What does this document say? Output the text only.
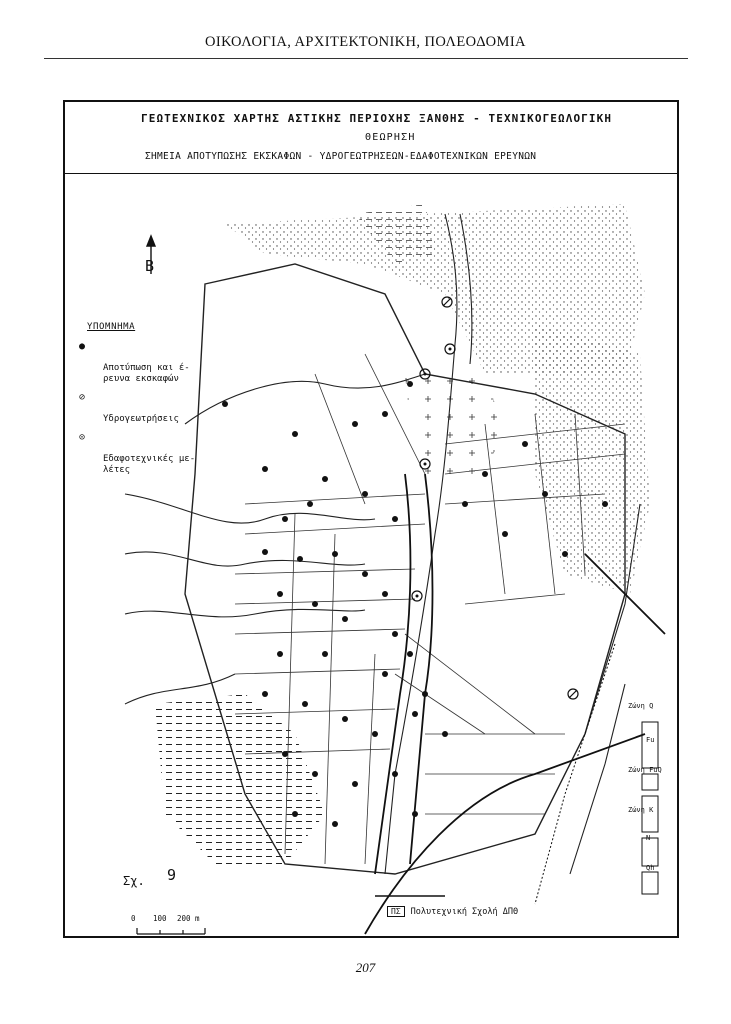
ΟΙΚΟΛΟΓΙΑ, ΑΡΧΙΤΕΚΤΟΝΙΚΗ, ΠΟΛΕΟΔΟΜΙΑ
ΓΕΩΤΕΧΝΙΚΟΣ ΧΑΡΤΗΣ ΑΣΤΙΚΗΣ ΠΕΡΙΟΧΗΣ ΞΑΝΘΗΣ - ΤΕΧΝΙΚΟΓΕΩΛΟΓΙΚΗ
ΘΕΩΡΗΣΗ
ΣΗΜΕΙΑ ΑΠΟΤΥΠΩΣΗΣ ΕΚΣΚΑΦΩΝ - ΥΔΡΟΓΕΩΤΡΗΣΕΩΝ-ΕΔΑΦΟΤΕΧΝΙΚΩΝ ΕΡΕΥΝΩΝ
Β
ΥΠΟΜΝΗΜΑ

●

Αποτύπωση και έ-
ρευνα εκσκαφών

⊘

Υδρογεωτρήσεις

⊙

Εδαφοτεχνικές με-
λέτες

Σχ. 9
0 100 200 m
ΠΣ Πολυτεχνική Σχολή ΔΠΘ
Ζώνη Q
Fu
Ζώνη FuQ
Ζώνη K
N
Qh
207
